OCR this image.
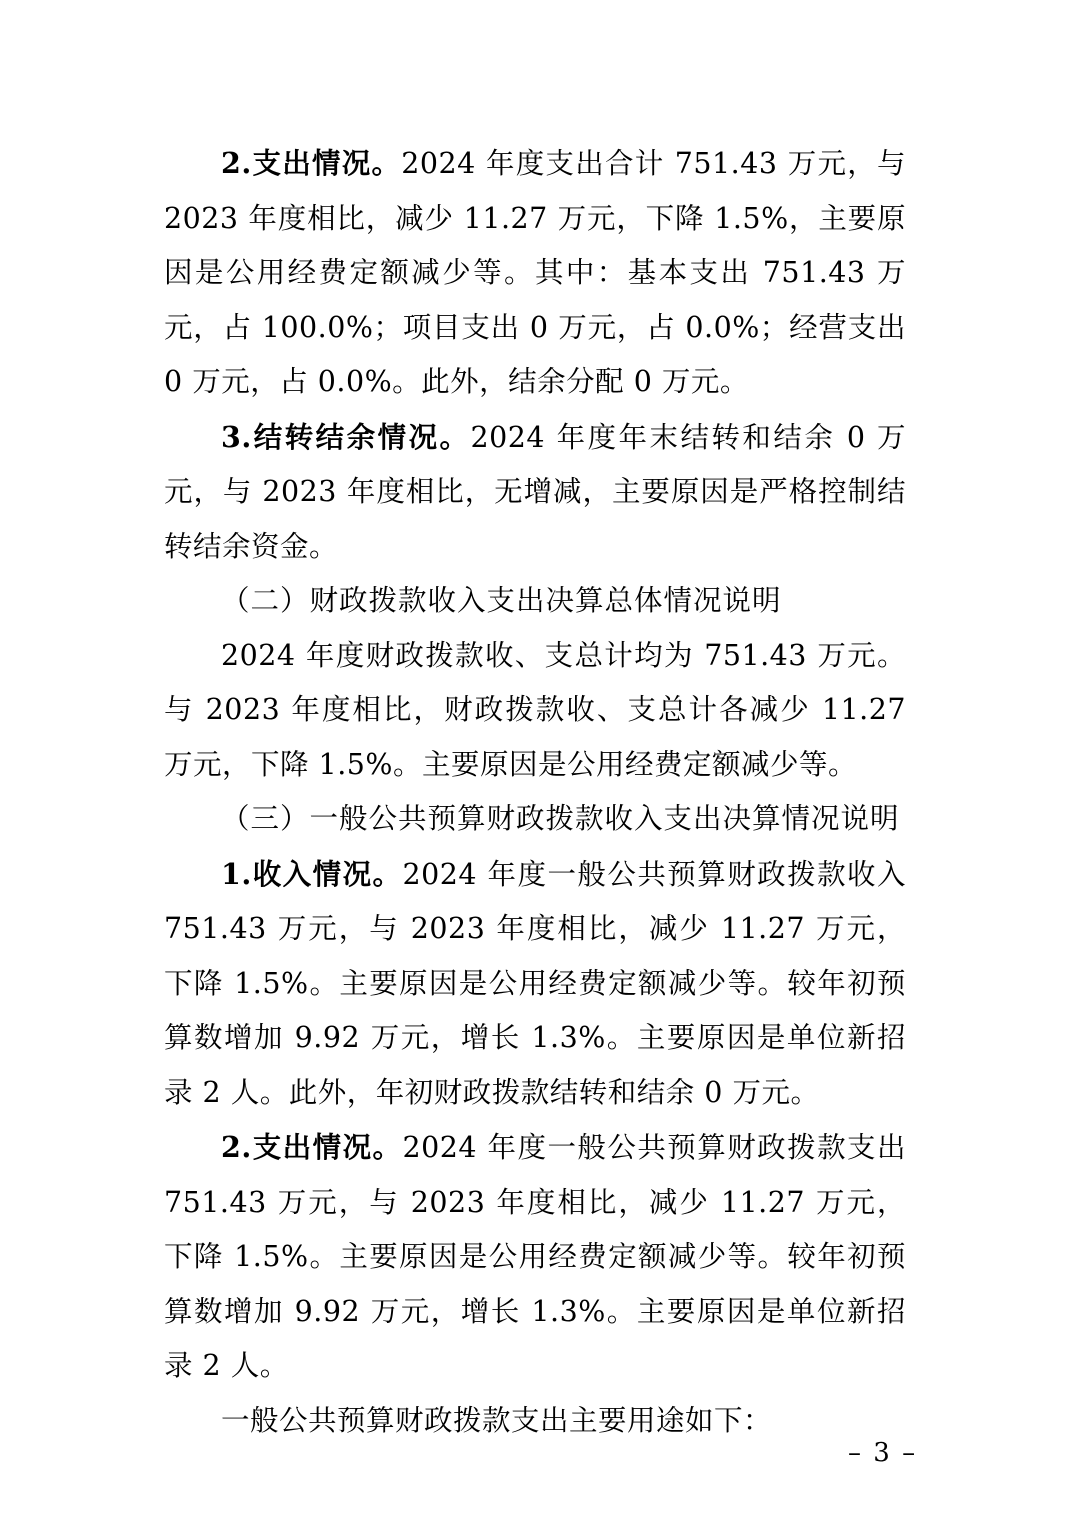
2.支出情况。2024 年度支出合计 751.43 万元，与 2023 年度相比，减少 11.27 万元，下降 1.5%，主要原因是公用经费定额减少等。其中：基本支出 751.43 万元，占 100.0%；项目支出 0 万元，占 0.0%；经营支出 0 万元，占 0.0%。此外，结余分配 0 万元。

3.结转结余情况。2024 年度年末结转和结余 0 万元，与 2023 年度相比，无增减，主要原因是严格控制结转结余资金。

（二）财政拨款收入支出决算总体情况说明

2024 年度财政拨款收、支总计均为 751.43 万元。与 2023 年度相比，财政拨款收、支总计各减少 11.27 万元，下降 1.5%。主要原因是公用经费定额减少等。

（三）一般公共预算财政拨款收入支出决算情况说明

1.收入情况。2024 年度一般公共预算财政拨款收入 751.43 万元，与 2023 年度相比，减少 11.27 万元，下降 1.5%。主要原因是公用经费定额减少等。较年初预算数增加 9.92 万元，增长 1.3%。主要原因是单位新招录 2 人。此外，年初财政拨款结转和结余 0 万元。

2.支出情况。2024 年度一般公共预算财政拨款支出 751.43 万元，与 2023 年度相比，减少 11.27 万元，下降 1.5%。主要原因是公用经费定额减少等。较年初预算数增加 9.92 万元，增长 1.3%。主要原因是单位新招录 2 人。

一般公共预算财政拨款支出主要用途如下：

– 3 –
